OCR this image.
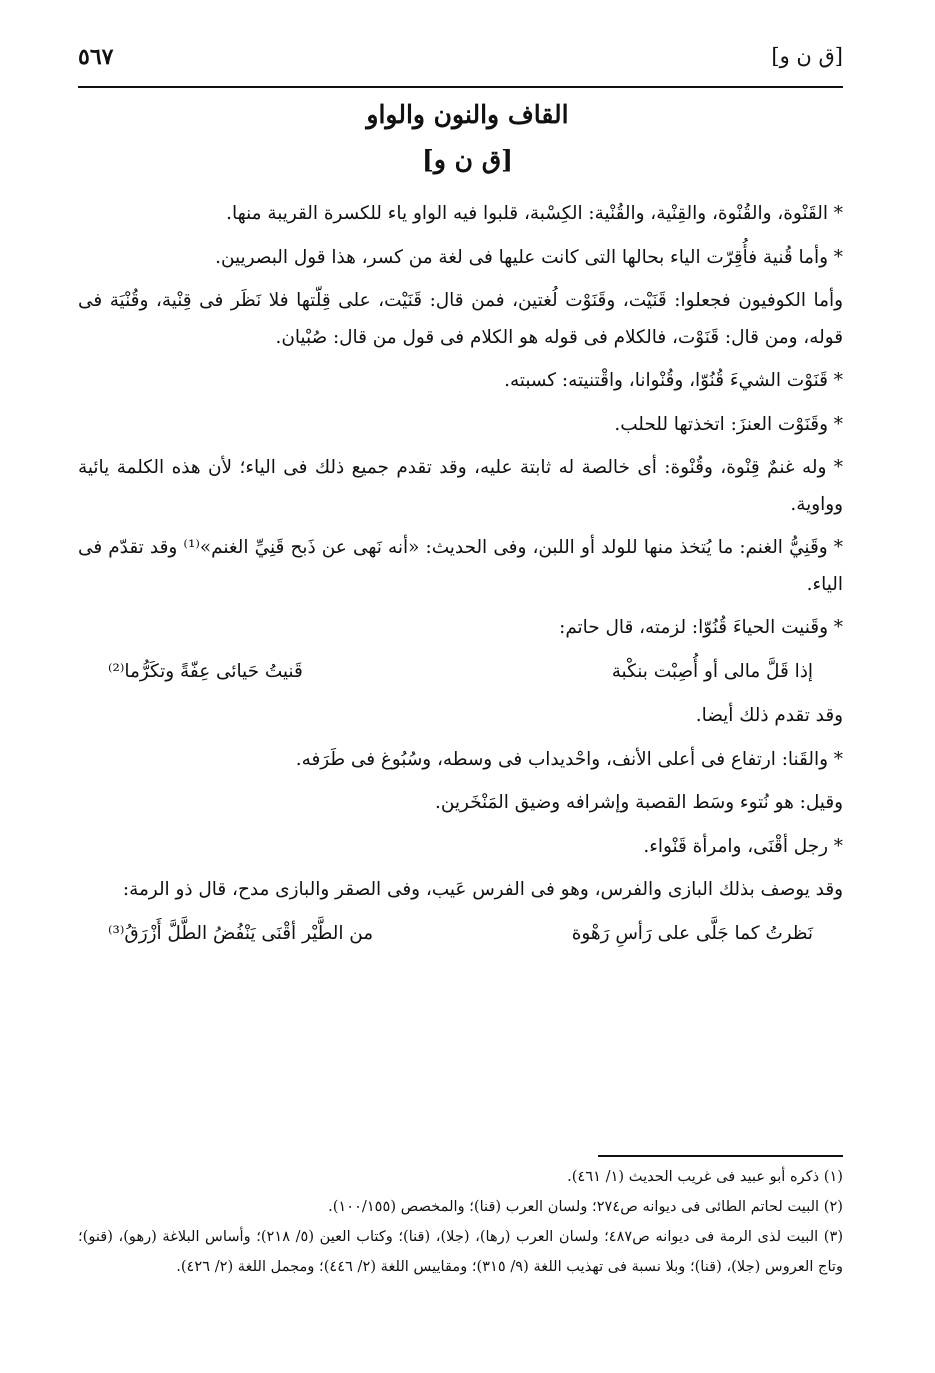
٥٦٧	[ق ن و]
القاف والنون والواو
[ق ن و]

* القَنْوة، والقُنْوة، والقِنْية، والقُنْية: الكِسْبة، قلبوا فيه الواو ياء للكسرة القريبة منها.

* وأما قُنية فأُقِرّت الياء بحالها التى كانت عليها فى لغة من كسر، هذا قول البصريين.

وأما الكوفيون فجعلوا: قَنَيْت، وقَنَوْت لُغتين، فمن قال: قَنَيْت، على قِلّتها فلا نَظَر فى قِنْية، وقُنْيَة فى قوله، ومن قال: قَنَوْت، فالكلام فى قوله هو الكلام فى قول من قال: صُبْيان.

* قَنَوْت الشيءَ قُنُوّا، وقُنْوانا، واقْتنيته: كسبته.

* وقَنَوْت العنزَ: اتخذتها للحلب.

* وله غنمٌ قِنْوة، وقُنْوة: أى خالصة له ثابتة عليه، وقد تقدم جميع ذلك فى الياء؛ لأن هذه الكلمة يائية وواوية.

* وقَنِيُّ الغنم: ما يُتخذ منها للولد أو اللبن، وفى الحديث: «أنه نَهى عن ذَبح قَنِيِّ الغنم»⁽¹⁾ وقد تقدّم فى الياء.

* وقَنيت الحياءَ قُنُوّا: لزمته، قال حاتم:

إذا قَلَّ مالى أو أُصِبْت بنكْبة
قَنيتُ حَيائى عِفّةً وتكَرُّما⁽²⁾

وقد تقدم ذلك أيضا.

* والقَنا: ارتفاع فى أعلى الأنف، واحْديداب فى وسطه، وسُبُوغ فى طَرَفه.

وقيل: هو نُتوء وسَط القصبة وإشرافه وضيق المَنْخَرين.

* رجل أقْنَى، وامرأة قَنْواء.

وقد يوصف بذلك البازى والفرس، وهو فى الفرس عَيب، وفى الصقر والبازى مدح، قال ذو الرمة:

نَظرتُ كما جَلَّى على رَأسِ رَهْوة
من الطَّيْر أقْنَى يَنْفُضُ الطَّلَّ أَزْرَقُ⁽³⁾

(١) ذكره أبو عبيد فى غريب الحديث (١/ ٤٦١).

(٢) البيت لحاتم الطائى فى ديوانه ص٢٧٤؛ ولسان العرب (قنا)؛ والمخصص (١٠٠/١٥٥).

(٣) البيت لذى الرمة فى ديوانه ص٤٨٧؛ ولسان العرب (رها)، (جلا)، (قنا)؛ وكتاب العين (٥/ ٢١٨)؛ وأساس البلاغة (رهو)، (قنو)؛ وتاج العروس (جلا)، (قنا)؛ وبلا نسبة فى تهذيب اللغة (٩/ ٣١٥)؛ ومقاييس اللغة (٢/ ٤٤٦)؛ ومجمل اللغة (٢/ ٤٢٦).
